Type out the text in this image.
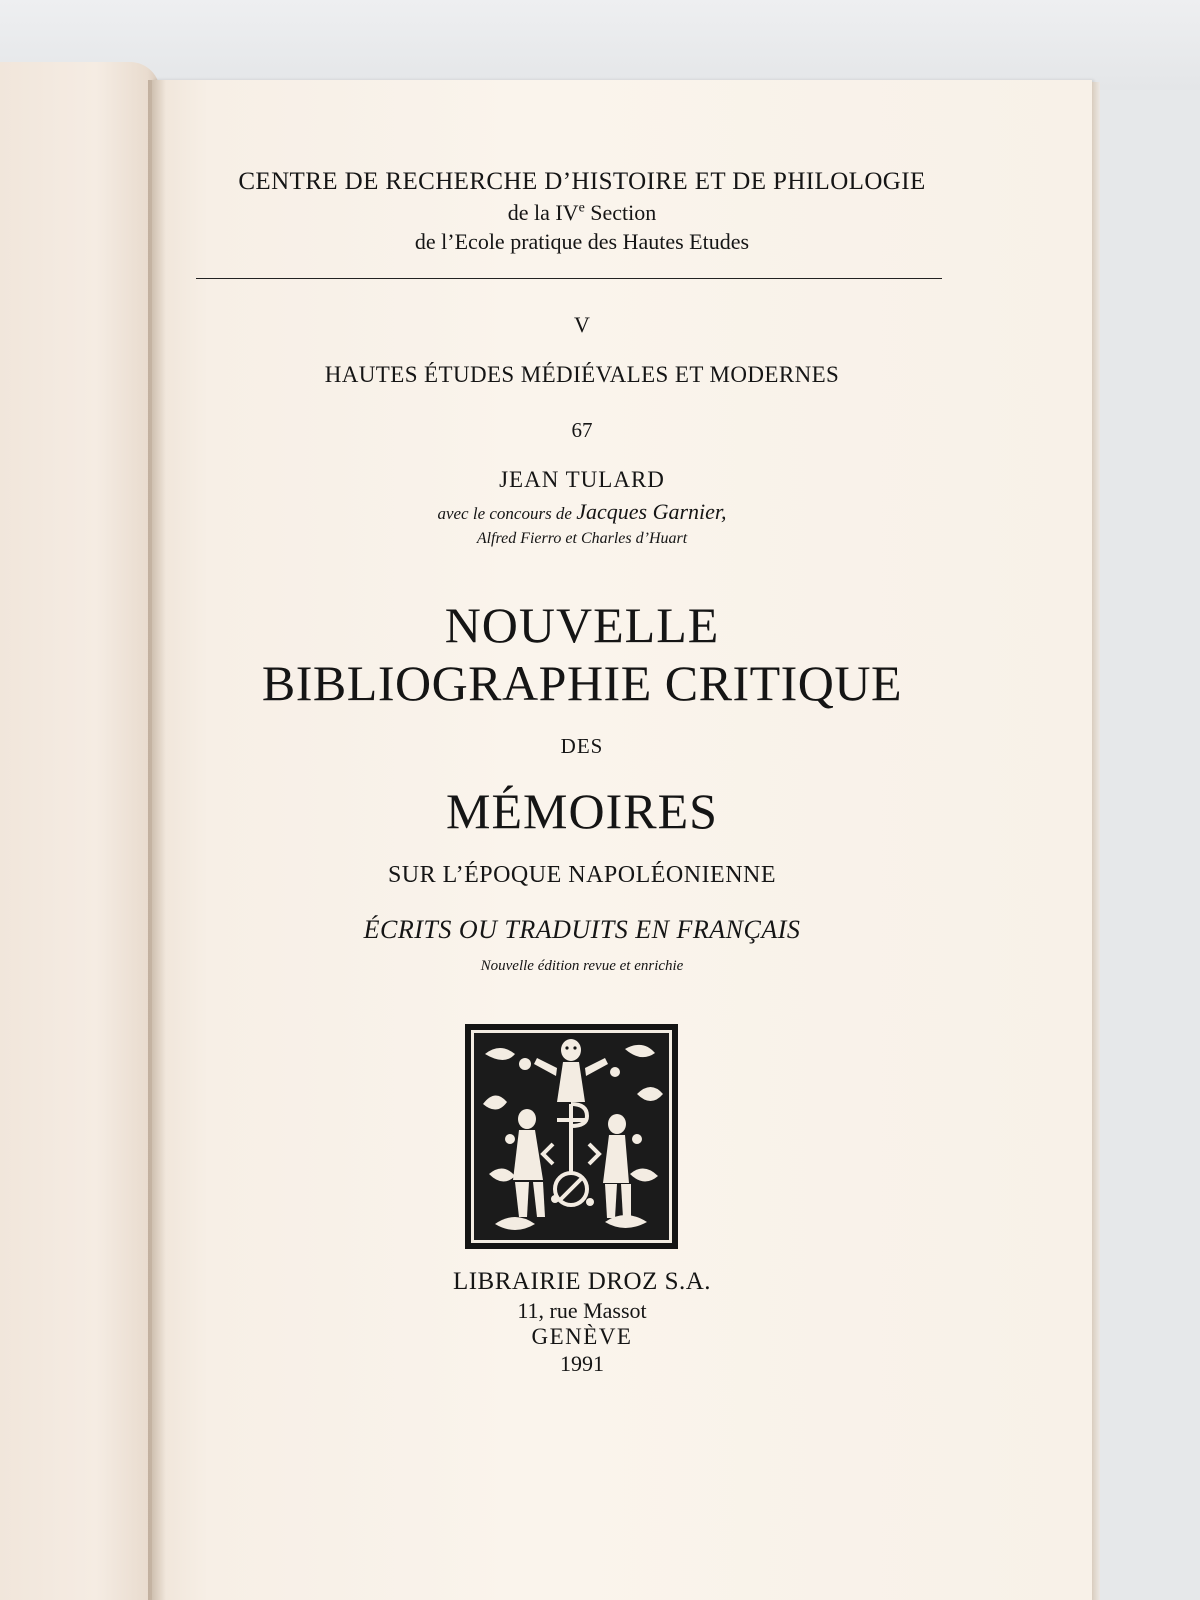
CENTRE DE RECHERCHE D’HISTOIRE ET DE PHILOLOGIE
de la IVe Section
de l’Ecole pratique des Hautes Etudes
V
HAUTES ÉTUDES MÉDIÉVALES ET MODERNES
67
JEAN TULARD
avec le concours de Jacques Garnier,
Alfred Fierro et Charles d’Huart
NOUVELLE
BIBLIOGRAPHIE CRITIQUE
DES
MÉMOIRES
SUR L’ÉPOQUE NAPOLÉONIENNE
ÉCRITS OU TRADUITS EN FRANÇAIS
Nouvelle édition revue et enrichie
LIBRAIRIE DROZ S.A.
11, rue Massot
GENÈVE
1991
